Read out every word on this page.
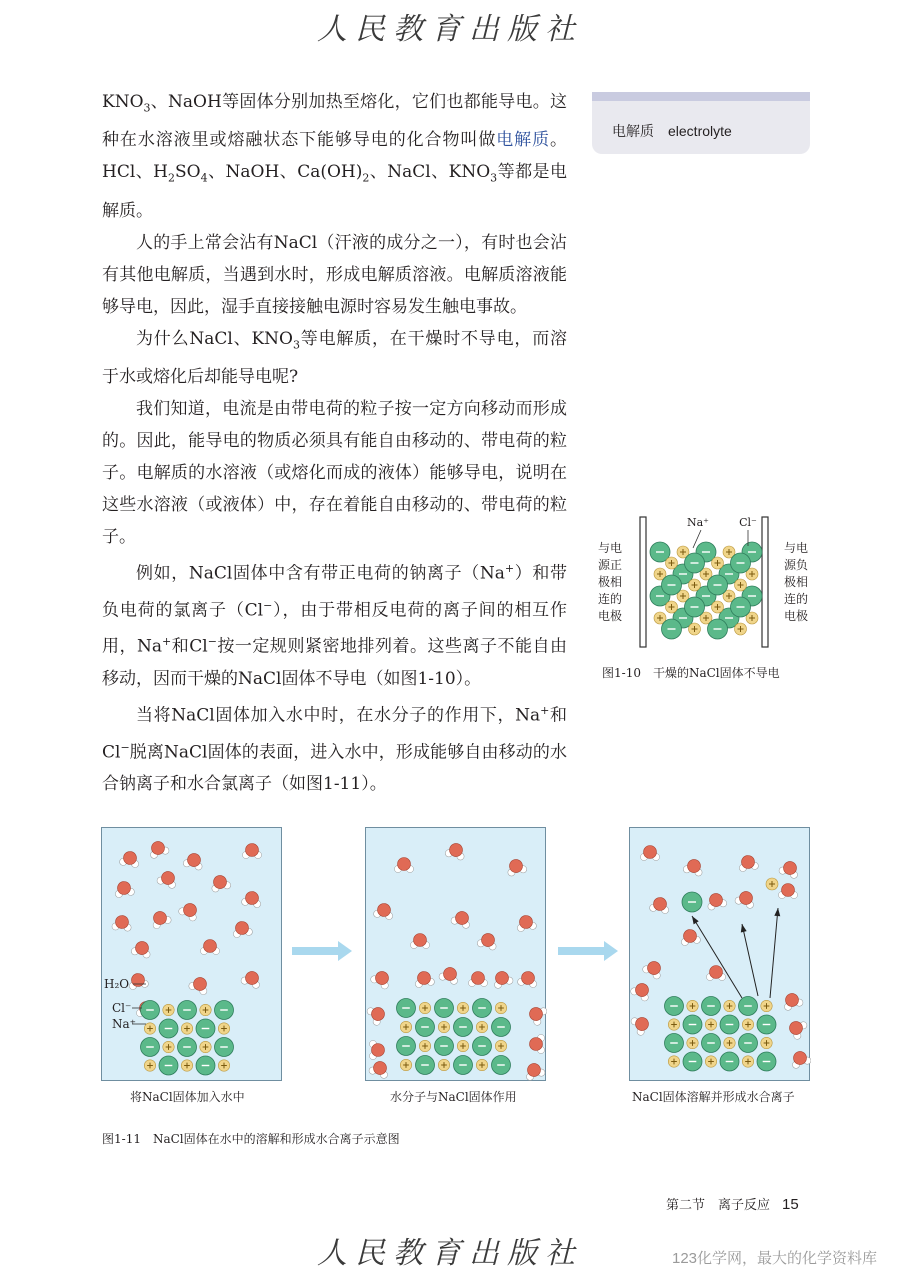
人民教育出版社

$KNO_3$、NaOH等固体分别加热至熔化，它们也都能导电。这种在水溶液里或熔融状态下能够导电的化合物叫做电解质。HCl、$H_2SO_4$、NaOH、$Ca(OH)_2$、NaCl、$KNO_3$等都是电解质。

人的手上常会沾有NaCl（汗液的成分之一），有时也会沾有其他电解质，当遇到水时，形成电解质溶液。电解质溶液能够导电，因此，湿手直接接触电源时容易发生触电事故。

为什么NaCl、$KNO_3$等电解质，在干燥时不导电，而溶于水或熔化后却能导电呢?

我们知道，电流是由带电荷的粒子按一定方向移动而形成的。因此，能导电的物质必须具有能自由移动的、带电荷的粒子。电解质的水溶液（或熔化而成的液体）能够导电，说明在这些水溶液（或液体）中，存在着能自由移动的、带电荷的粒子。

例如，NaCl固体中含有带正电荷的钠离子（Na+）和带负电荷的氯离子（Cl−），由于带相反电荷的离子间的相互作用，Na+和Cl−按一定规则紧密地排列着。这些离子不能自由移动，因而干燥的NaCl固体不导电（如图1-10）。

当将NaCl固体加入水中时，在水分子的作用下，Na+和Cl−脱离NaCl固体的表面，进入水中，形成能够自由移动的水合钠离子和水合氯离子（如图1-11）。

电解质 electrolyte
Na⁺	Cl⁻
与电
源正
极相
连的
电极
与电
源负
极相
连的
电极
图1-10　干燥的NaCl固体不导电
H₂O
Cl⁻
Na⁺
将NaCl固体加入水中	水分子与NaCl固体作用	NaCl固体溶解并形成水合离子
图1-11　NaCl固体在水中的溶解和形成水合离子示意图
第二节　离子反应 15
人民教育出版社	123化学网，最大的化学资料库
